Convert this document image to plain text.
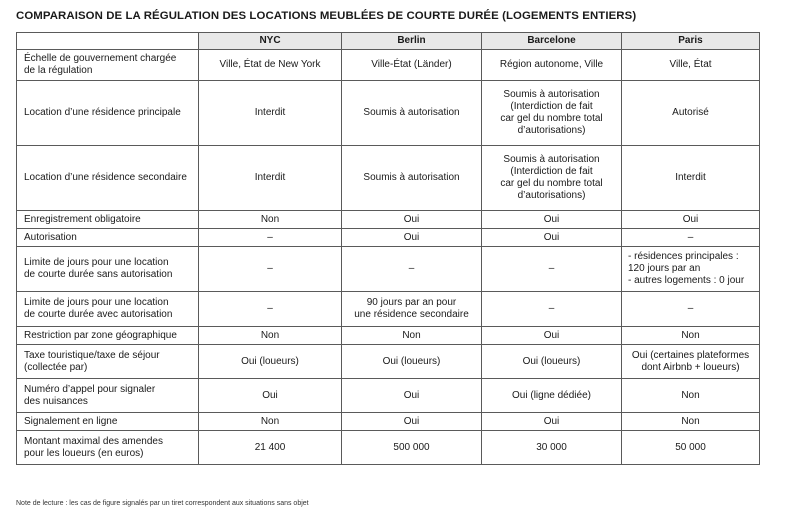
COMPARAISON DE LA RÉGULATION DES LOCATIONS MEUBLÉES DE COURTE DURÉE (LOGEMENTS ENTIERS)
	NYC	Berlin	Barcelone	Paris
Échelle de gouvernement chargée
de la régulation	Ville, État de New York	Ville-État (Länder)	Région autonome, Ville	Ville, État
Location d’une résidence principale	Interdit	Soumis à autorisation	Soumis à autorisation
(Interdiction de fait
car gel du nombre total
d’autorisations)	Autorisé
Location d’une résidence secondaire	Interdit	Soumis à autorisation	Soumis à autorisation
(Interdiction de fait
car gel du nombre total
d’autorisations)	Interdit
Enregistrement obligatoire	Non	Oui	Oui	Oui
Autorisation	–	Oui	Oui	–
Limite de jours pour une location
de courte durée sans autorisation	–	–	–	- résidences principales :
120 jours par an
- autres logements : 0 jour
Limite de jours pour une location
de courte durée avec autorisation	–	90 jours par an pour
une résidence secondaire	–	–
Restriction par zone géographique	Non	Non	Oui	Non
Taxe touristique/taxe de séjour
(collectée par)	Oui (loueurs)	Oui (loueurs)	Oui (loueurs)	Oui (certaines plateformes
dont Airbnb + loueurs)
Numéro d’appel pour signaler
des nuisances	Oui	Oui	Oui (ligne dédiée)	Non
Signalement en ligne	Non	Oui	Oui	Non
Montant maximal des amendes
pour les loueurs (en euros)	21 400	500 000	30 000	50 000
Note de lecture : les cas de figure signalés par un tiret correspondent aux situations sans objet
